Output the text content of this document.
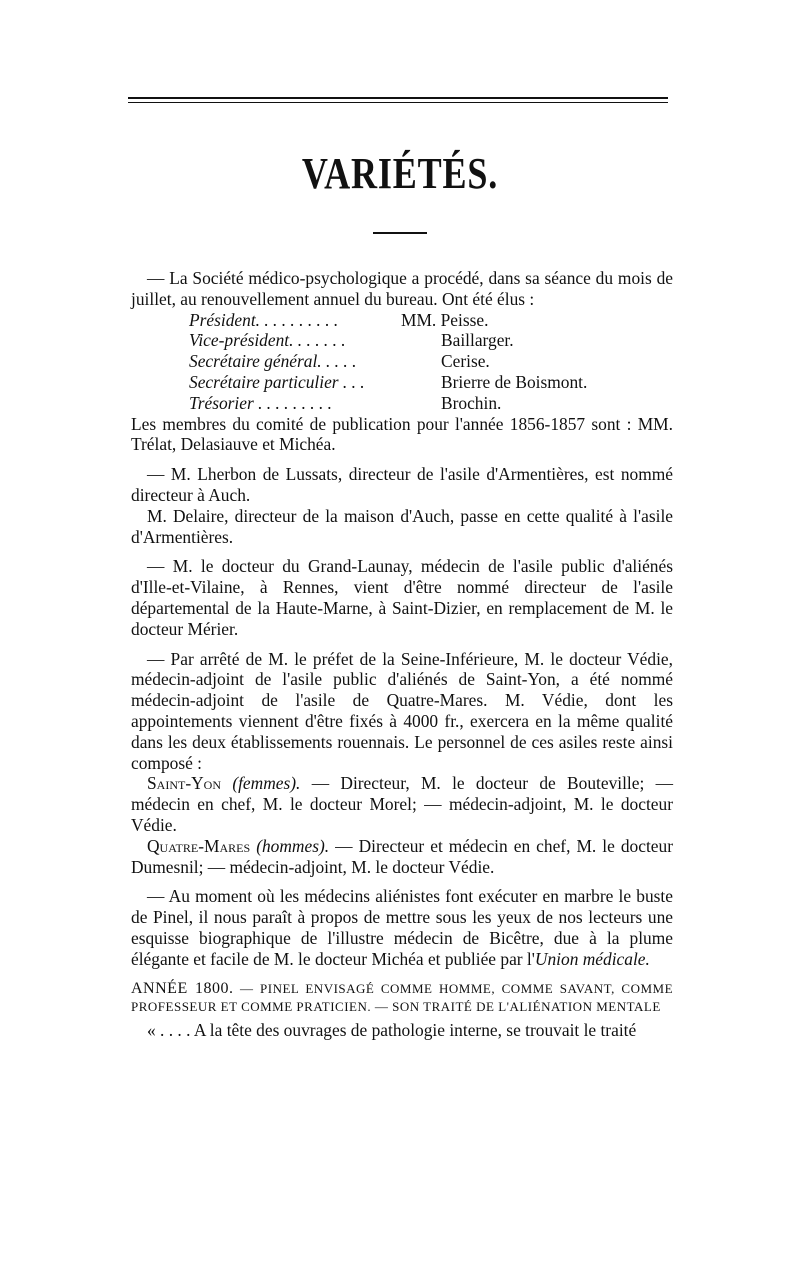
VARIÉTÉS.

— La Société médico-psychologique a procédé, dans sa séance du mois de juillet, au renouvellement annuel du bureau. Ont été élus :

Président. . . . . . . . . .	MM. Peisse.
Vice-président. . . . . . .	Baillarger.
Secrétaire général. . . . .	Cerise.
Secrétaire particulier . . .	Brierre de Boismont.
Trésorier . . . . . . . . .	Brochin.

Les membres du comité de publication pour l'année 1856-1857 sont : MM. Trélat, Delasiauve et Michéa.

— M. Lherbon de Lussats, directeur de l'asile d'Armentières, est nommé directeur à Auch.

M. Delaire, directeur de la maison d'Auch, passe en cette qualité à l'asile d'Armentières.

— M. le docteur du Grand-Launay, médecin de l'asile public d'aliénés d'Ille-et-Vilaine, à Rennes, vient d'être nommé directeur de l'asile départemental de la Haute-Marne, à Saint-Dizier, en remplacement de M. le docteur Mérier.

— Par arrêté de M. le préfet de la Seine-Inférieure, M. le docteur Védie, médecin-adjoint de l'asile public d'aliénés de Saint-Yon, a été nommé médecin-adjoint de l'asile de Quatre-Mares. M. Védie, dont les appointements viennent d'être fixés à 4000 fr., exercera en la même qualité dans les deux établissements rouennais. Le personnel de ces asiles reste ainsi composé :

Saint-Yon (femmes). — Directeur, M. le docteur de Bouteville; — médecin en chef, M. le docteur Morel; — médecin-adjoint, M. le docteur Védie.

Quatre-Mares (hommes). — Directeur et médecin en chef, M. le docteur Dumesnil; — médecin-adjoint, M. le docteur Védie.

— Au moment où les médecins aliénistes font exécuter en marbre le buste de Pinel, il nous paraît à propos de mettre sous les yeux de nos lecteurs une esquisse biographique de l'illustre médecin de Bicêtre, due à la plume élégante et facile de M. le docteur Michéa et publiée par l'Union médicale.

ANNÉE 1800. — PINEL ENVISAGÉ COMME HOMME, COMME SAVANT, COMME PROFESSEUR ET COMME PRATICIEN. — SON TRAITÉ DE L'ALIÉNATION MENTALE

« . . . . A la tête des ouvrages de pathologie interne, se trouvait le traité
